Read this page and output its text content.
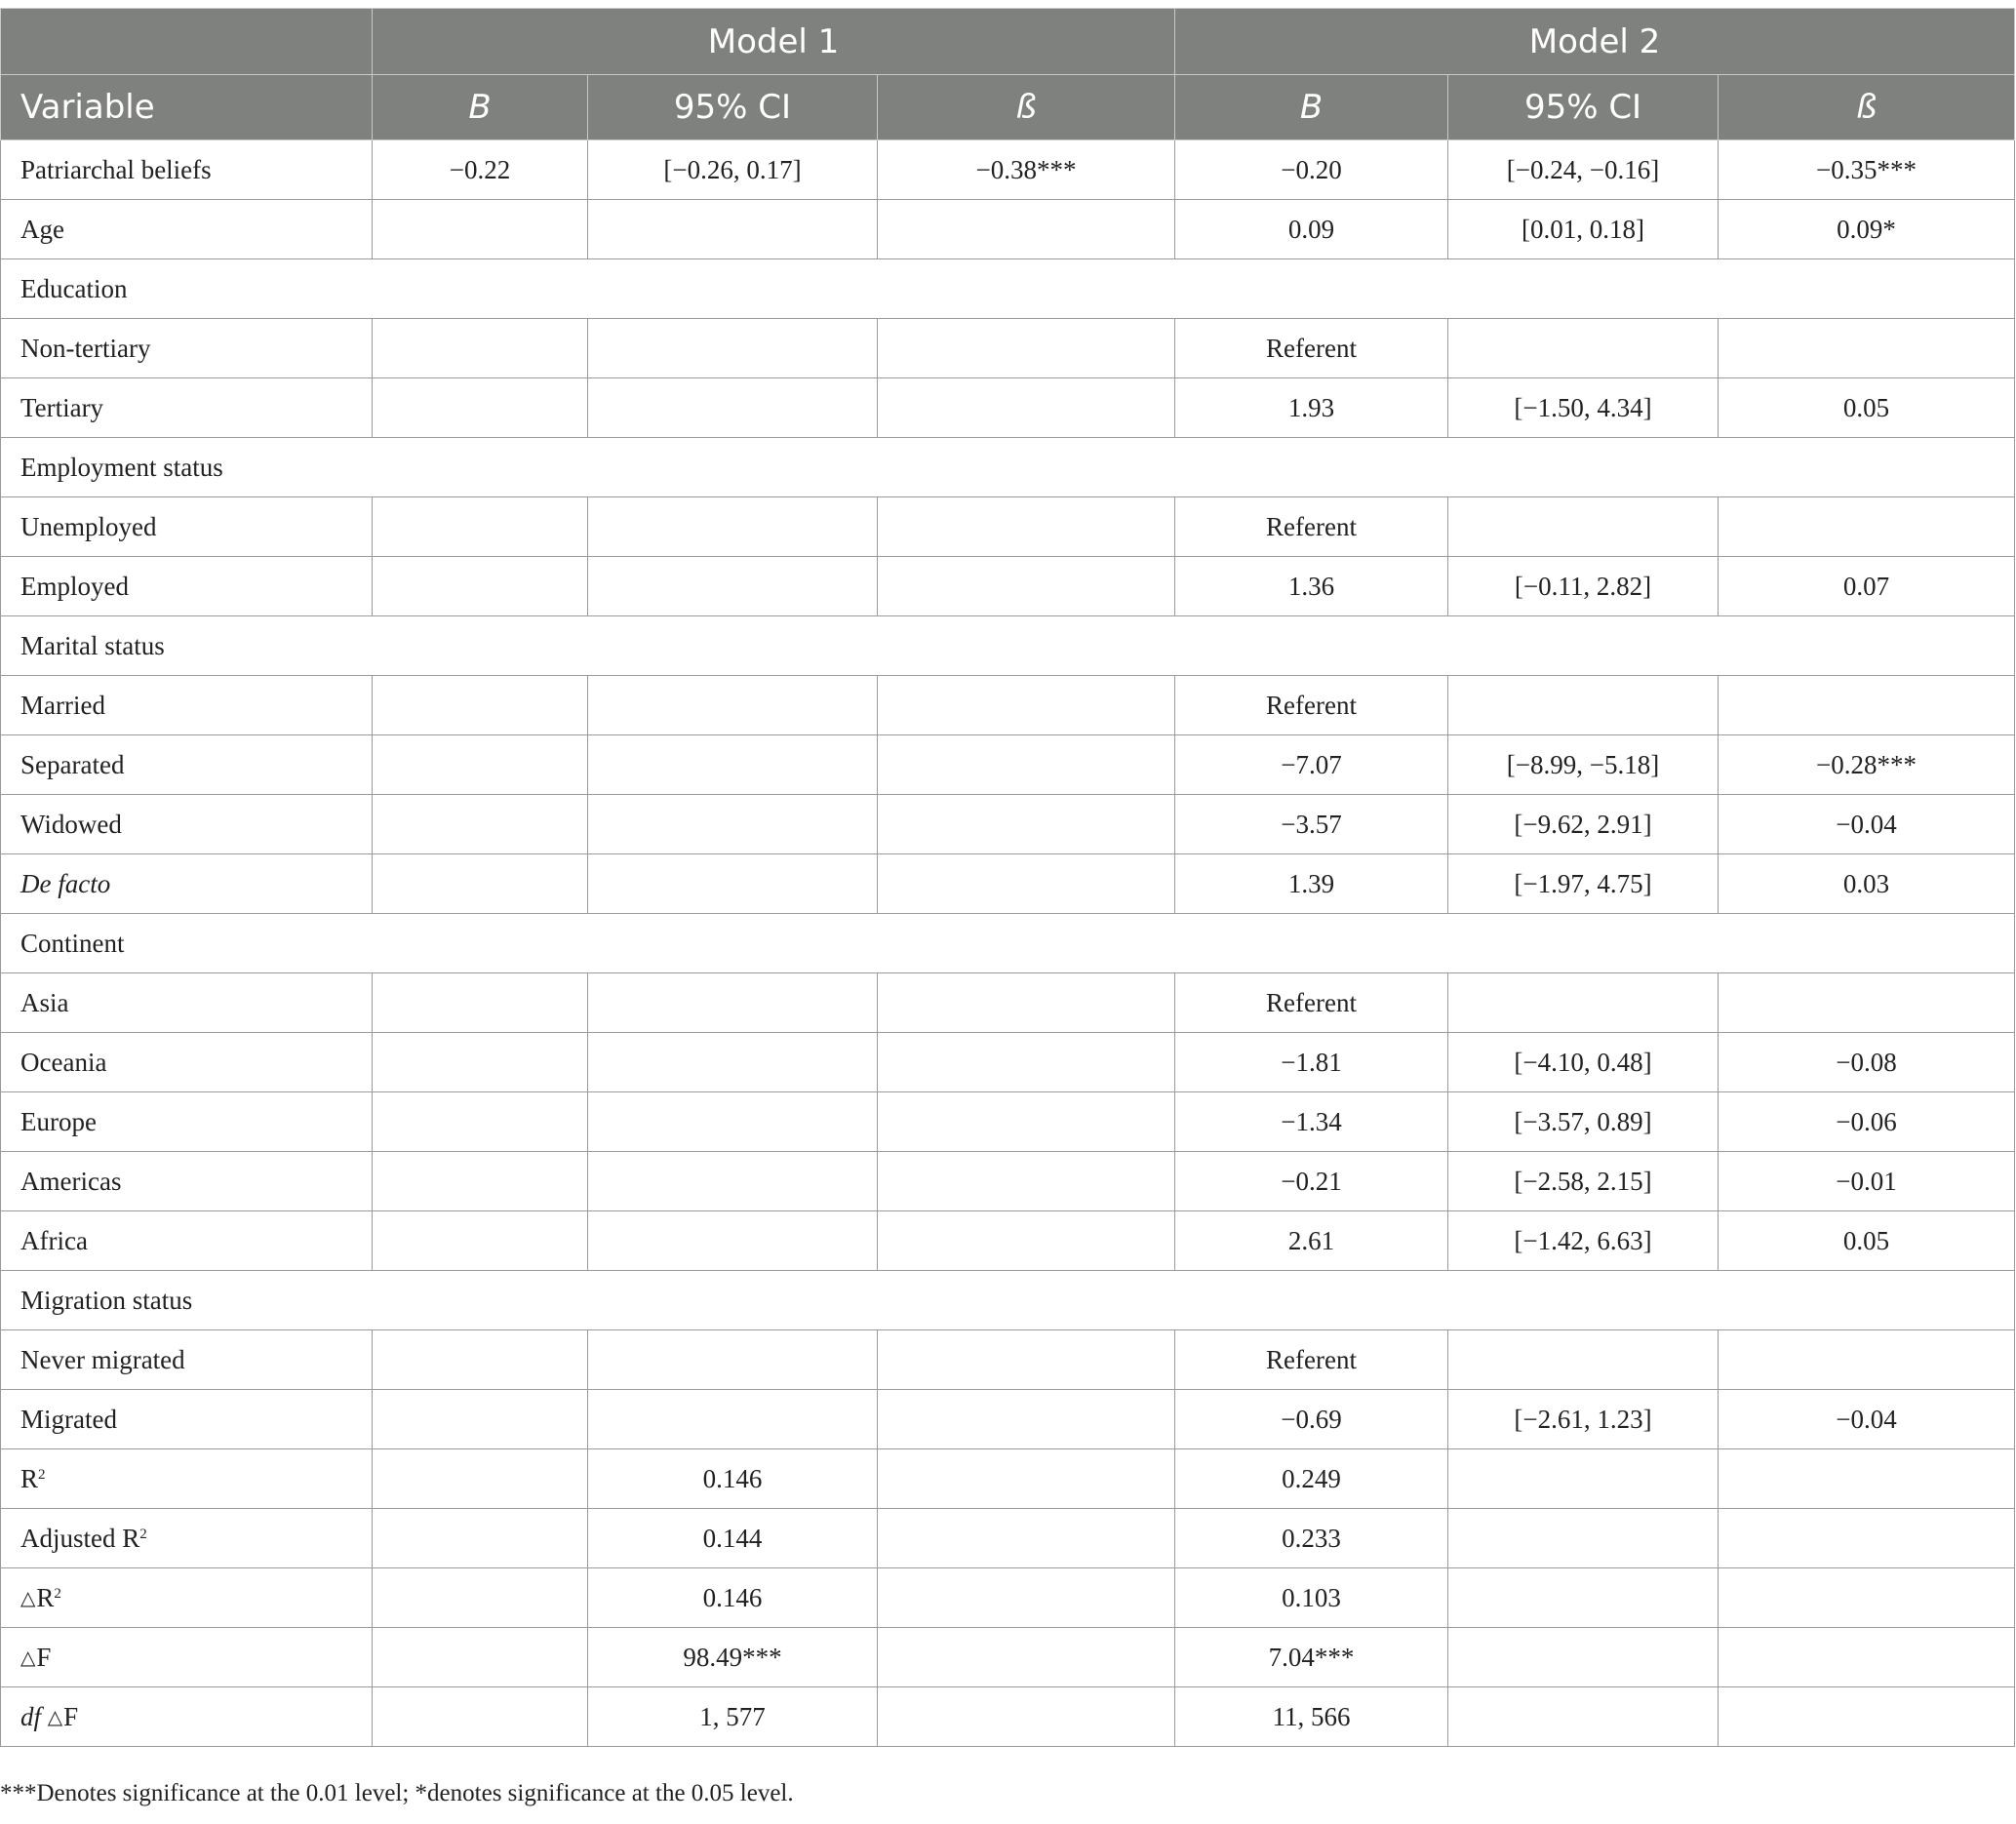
	Model 1			Model 2		
Variable	B	95% CI	ß	B	95% CI	ß
Patriarchal beliefs	−0.22	[−0.26, 0.17]	−0.38***	−0.20	[−0.24, −0.16]	−0.35***
Age				0.09	[0.01, 0.18]	0.09*
Education						
Non-tertiary				Referent		
Tertiary				1.93	[−1.50, 4.34]	0.05
Employment status						
Unemployed				Referent		
Employed				1.36	[−0.11, 2.82]	0.07
Marital status						
Married				Referent		
Separated				−7.07	[−8.99, −5.18]	−0.28***
Widowed				−3.57	[−9.62, 2.91]	−0.04
De facto				1.39	[−1.97, 4.75]	0.03
Continent						
Asia				Referent		
Oceania				−1.81	[−4.10, 0.48]	−0.08
Europe				−1.34	[−3.57, 0.89]	−0.06
Americas				−0.21	[−2.58, 2.15]	−0.01
Africa				2.61	[−1.42, 6.63]	0.05
Migration status						
Never migrated				Referent		
Migrated				−0.69	[−2.61, 1.23]	−0.04
$R^2$		0.146		0.249		
Adjusted $R^2$		0.144		0.233		
$\triangle R^2$		0.146		0.103		
△F		98.49***		7.04***		
df △F		1, 577		11, 566		
***Denotes significance at the 0.01 level; *denotes significance at the 0.05 level.
